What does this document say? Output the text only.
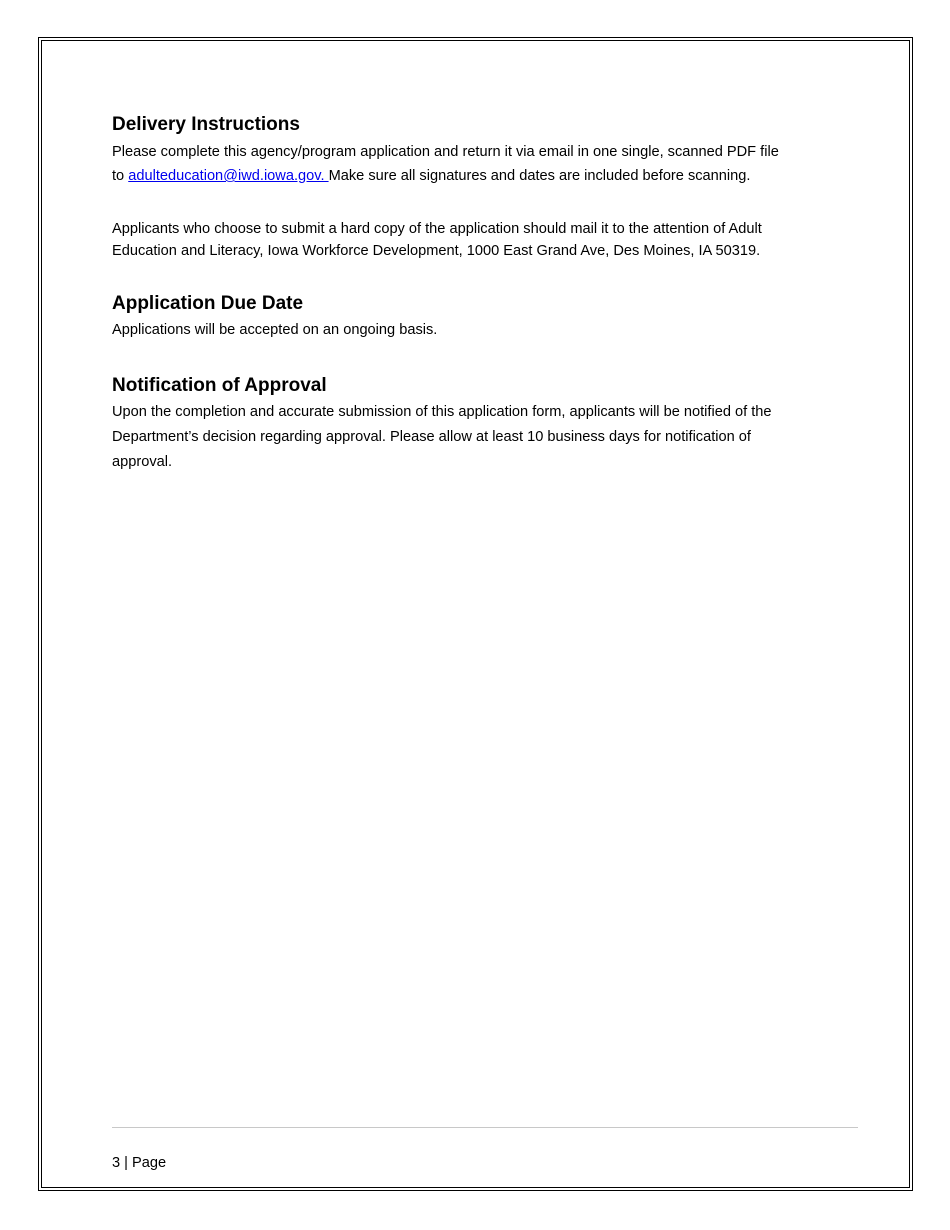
Delivery Instructions

Please complete this agency/program application and return it via email in one single, scanned PDF file
to adulteducation@iwd.iowa.gov. Make sure all signatures and dates are included before scanning.

Applicants who choose to submit a hard copy of the application should mail it to the attention of Adult
Education and Literacy, Iowa Workforce Development, 1000 East Grand Ave, Des Moines, IA 50319.

Application Due Date

Applications will be accepted on an ongoing basis.

Notification of Approval

Upon the completion and accurate submission of this application form, applicants will be notified of the
Department’s decision regarding approval. Please allow at least 10 business days for notification of
approval.

3 | Page
